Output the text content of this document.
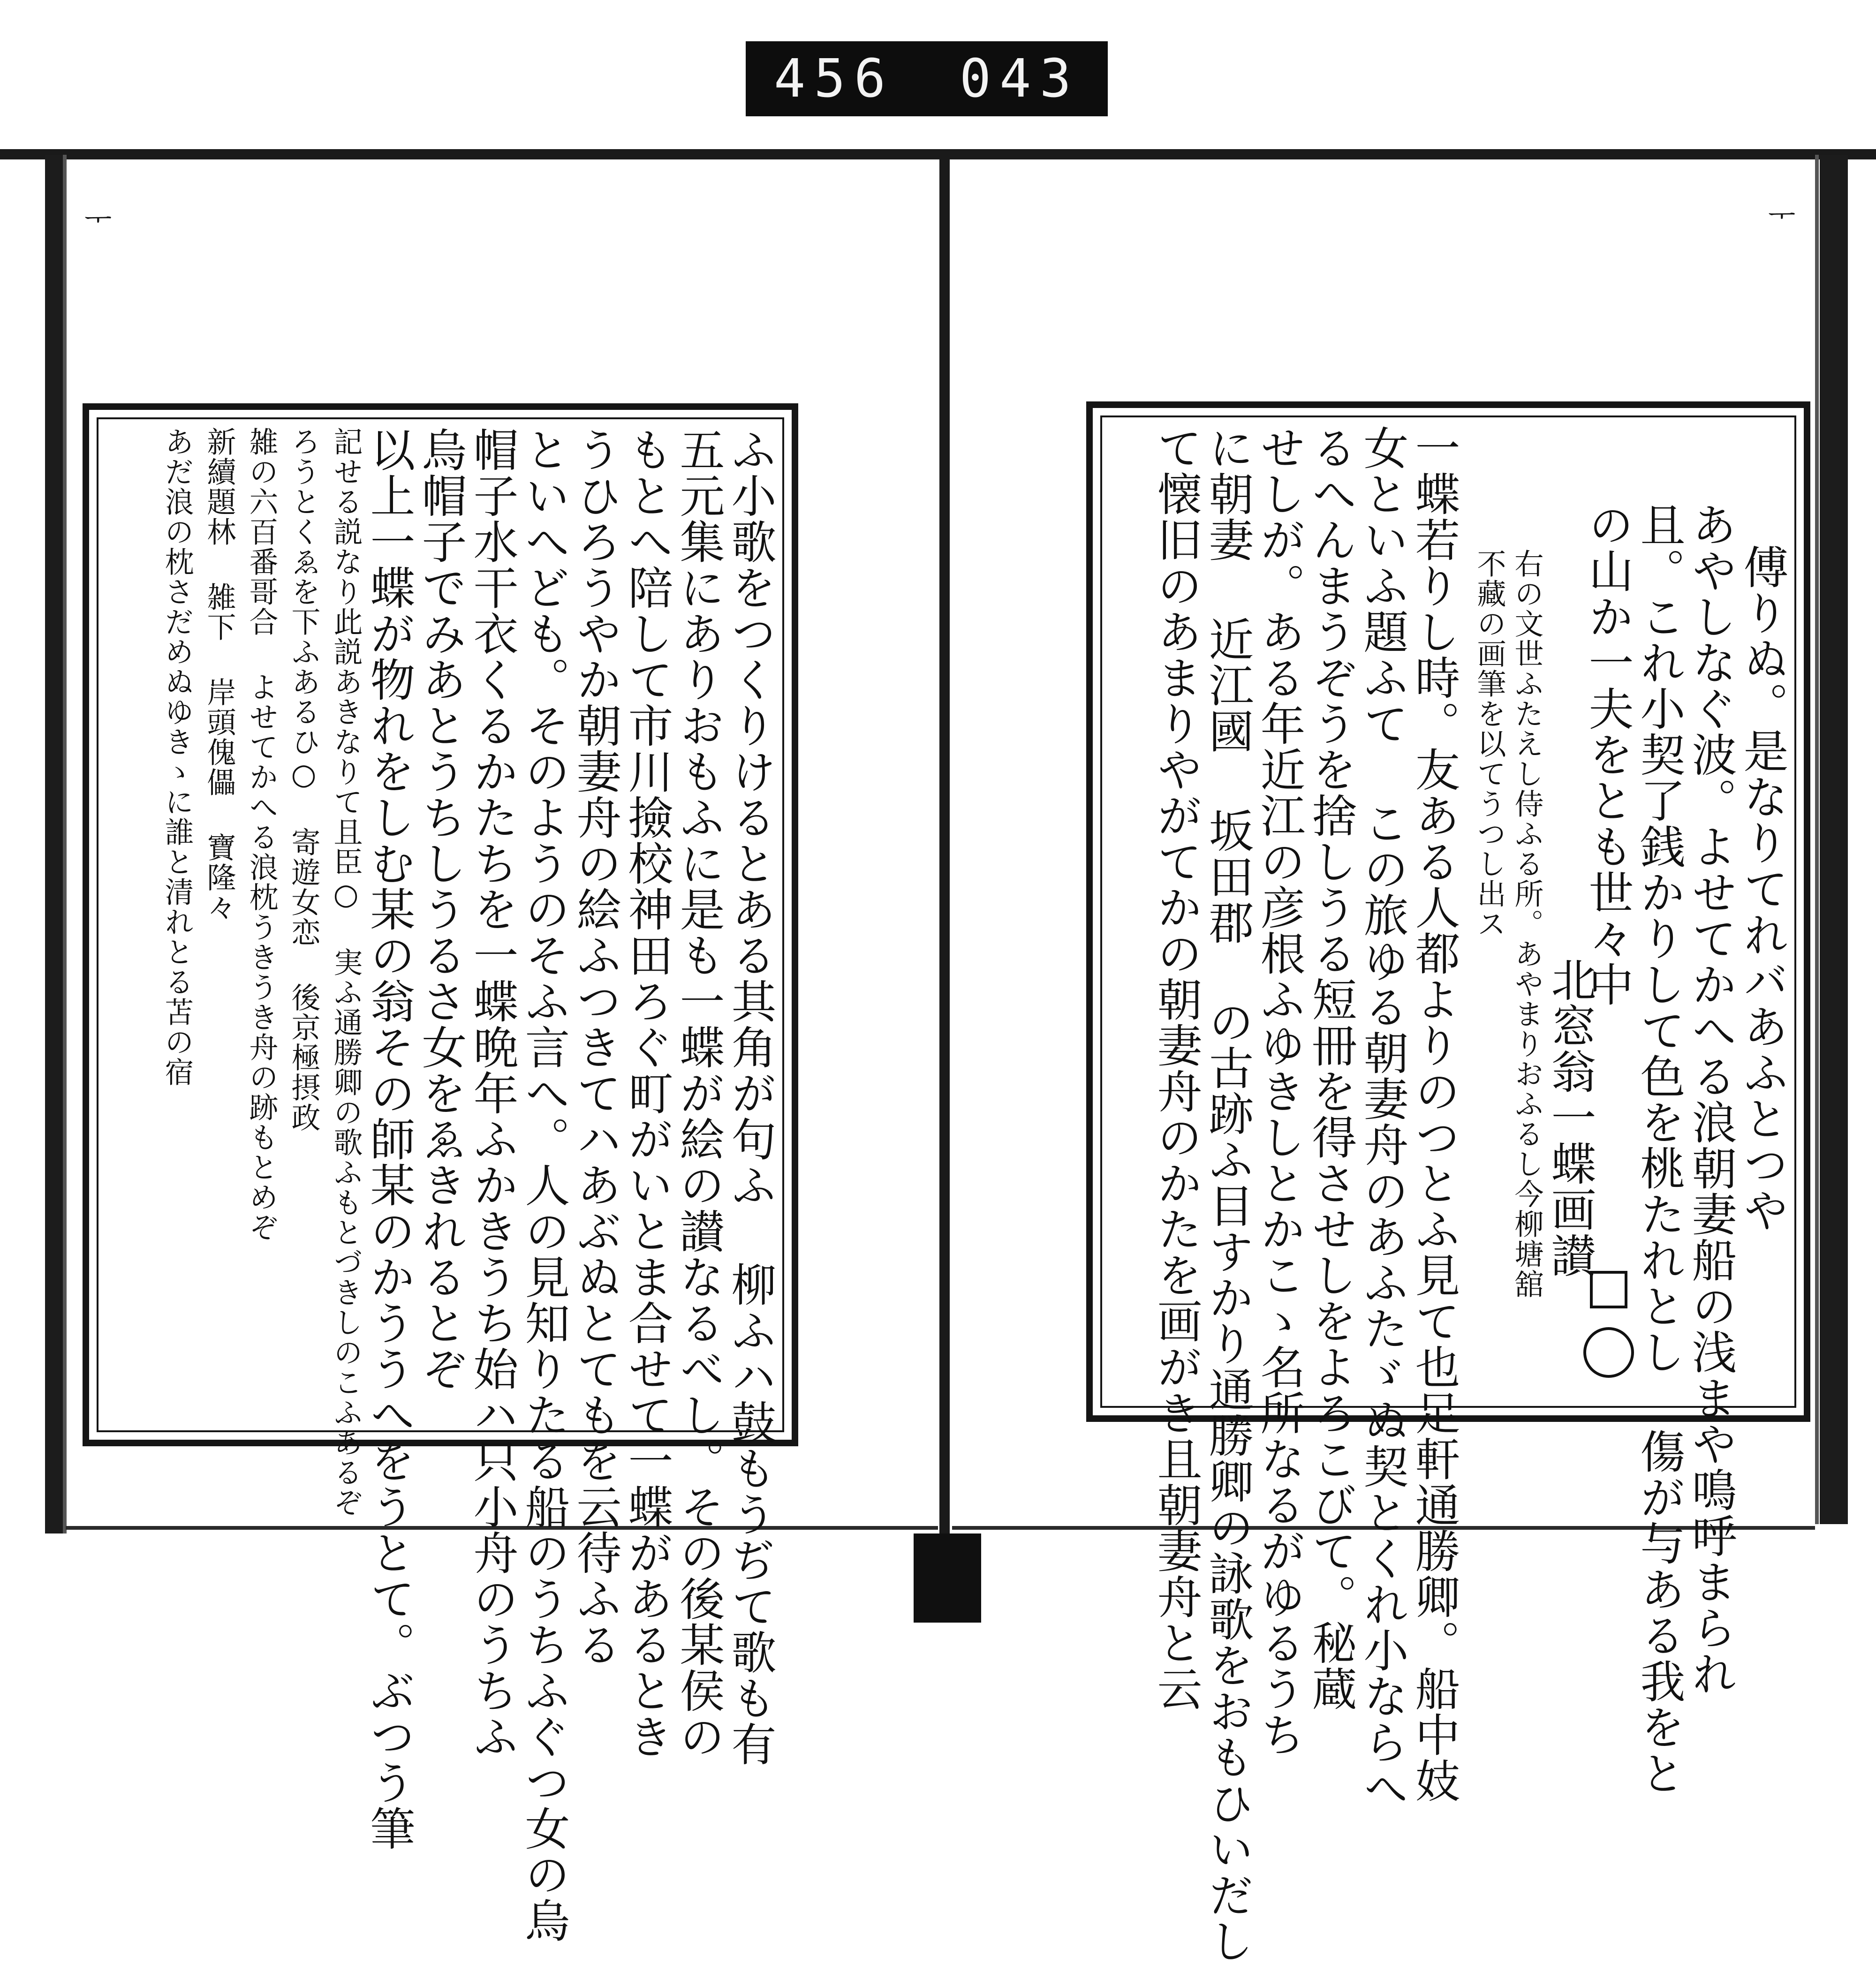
456 043
ᅮ	ᅮ
ふ小歌をつくりけるとある其角が句ふ 柳ふハ鼓もうぢて歌も有
五元集にありおもふに是も一蝶が絵の讃なるべし。その後某侯の
もとへ陪して市川撿校神田ろぐ町がいとま合せて一蝶があるとき
うひろうやか朝妻舟の絵ふつきてハあぶぬとてもを云待ふる
といへども。そのようのそふ言へ。人の見知りたる船のうちふぐつ女の烏
帽子水干衣くるかたちを一蝶晩年ふかきうち始ハ只小舟のうちふ
烏帽子でみあとうちしうるさ女をゑきれるとぞ
以上一蝶が物れをしむ某の翁その師某のかううへをうとて。ぶつう筆
記せる説なり此説あきなりて且臣○ 実ふ通勝卿の歌ふもとづきしのこふあるぞ
ろうとくゑを下ふあるひ○ 寄遊女恋 後京極摂政
雑の六百番哥合 よせてかへる浪枕うきうき舟の跡もとめぞ
新續題林 雑下 岸頭傀儡 寶隆々
あだ浪の枕さだめぬゆきゝに誰と清れとる苫の宿	傅りぬ。是なりてれバあふとつや
あやしなぐ波。よせてかへる浪朝妻船の浅まや鳴呼まられ
且。これ小契了銭かりして色を桃たれとし 傷が与ある我をと
の山か一夫をとも世々中
北窓翁一蝶画讃
右の文世ふたえし侍ふる所。あやまりおふるし今柳塘舘
不藏の画筆を以てうつし出ス
一蝶若りし時。友ある人都よりのつとふ見て也足軒通勝卿。船中妓
女といふ題ふて この旅ゆる朝妻舟のあふたゞぬ契とくれ小ならへ
るへんまうぞうを捨しうる短冊を得させしをよろこびて。秘蔵
せしが。ある年近江の彦根ふゆきしとかこゝ名所なるがゆるうち
に朝妻 近江國 坂田郡 の古跡ふ目すかり通勝卿の詠歌をおもひいだし
て懐旧のあまりやがてかの朝妻舟のかたを画がき且朝妻舟と云
